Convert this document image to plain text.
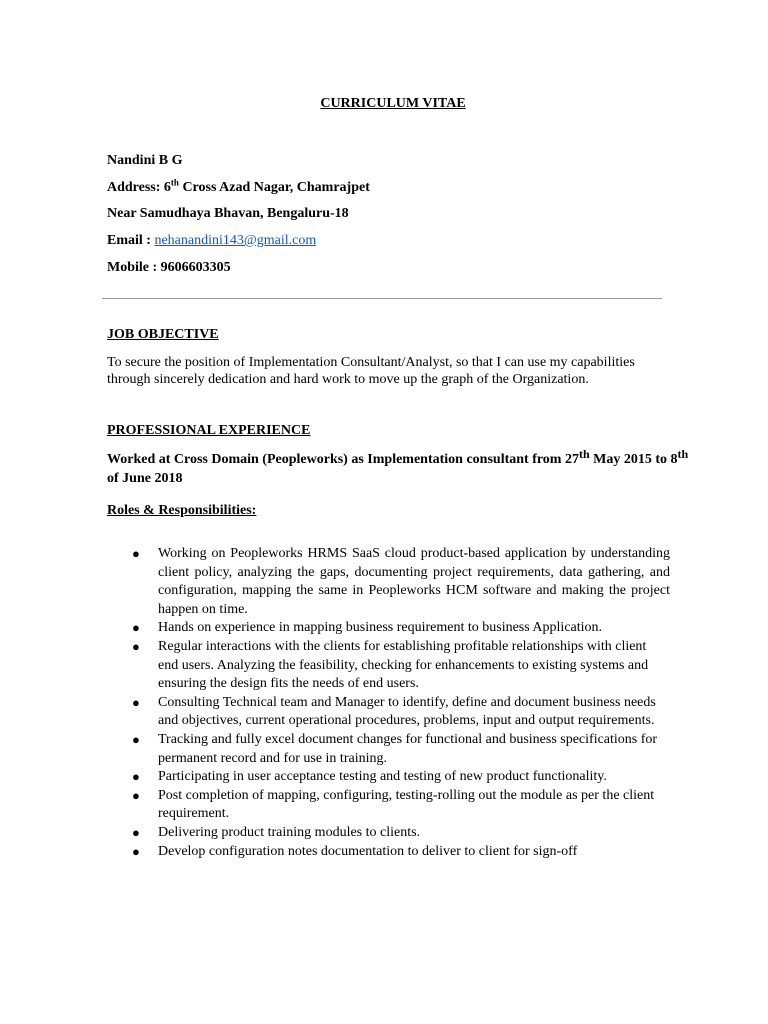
CURRICULUM VITAE
Nandini B G
Address: 6th Cross Azad Nagar, Chamrajpet
Near Samudhaya Bhavan, Bengaluru-18
Email : nehanandini143@gmail.com
Mobile : 9606603305
JOB OBJECTIVE
To secure the position of Implementation Consultant/Analyst, so that I can use my capabilities through sincerely dedication and hard work to move up the graph of the Organization.
PROFESSIONAL EXPERIENCE
Worked at Cross Domain (Peopleworks) as Implementation consultant from 27th May 2015 to 8th
of June 2018
Roles & Responsibilities:
● Working on Peopleworks HRMS SaaS cloud product-based application by understanding client policy, analyzing the gaps, documenting project requirements, data gathering, and configuration, mapping the same in Peopleworks HCM software and making the project happen on time.
● Hands on experience in mapping business requirement to business Application.
● Regular interactions with the clients for establishing profitable relationships with client end users. Analyzing the feasibility, checking for enhancements to existing systems and ensuring the design fits the needs of end users.
● Consulting Technical team and Manager to identify, define and document business needs and objectives, current operational procedures, problems, input and output requirements.
● Tracking and fully excel document changes for functional and business specifications for permanent record and for use in training.
● Participating in user acceptance testing and testing of new product functionality.
● Post completion of mapping, configuring, testing-rolling out the module as per the client requirement.
● Delivering product training modules to clients.
● Develop configuration notes documentation to deliver to client for sign-off
